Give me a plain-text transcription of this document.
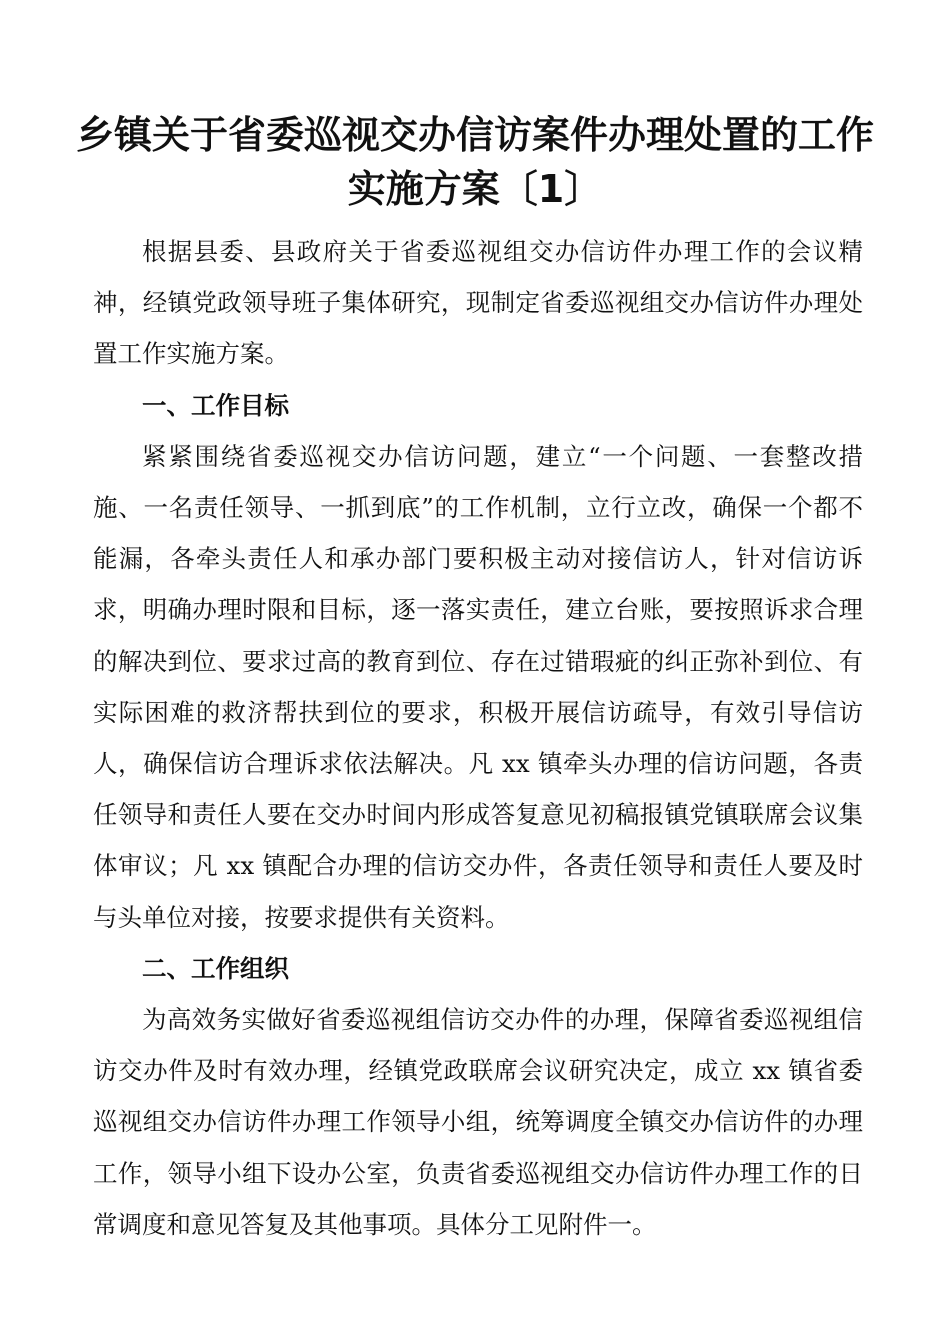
乡镇关于省委巡视交办信访案件办理处置的工作
实施方案〔1〕

根据县委、县政府关于省委巡视组交办信访件办理工作的会议精神，经镇党政领导班子集体研究，现制定省委巡视组交办信访件办理处置工作实施方案。

一、工作目标

紧紧围绕省委巡视交办信访问题，建立“一个问题、一套整改措施、一名责任领导、一抓到底”的工作机制，立行立改，确保一个都不能漏，各牵头责任人和承办部门要积极主动对接信访人，针对信访诉求，明确办理时限和目标，逐一落实责任，建立台账，要按照诉求合理的解决到位、要求过高的教育到位、存在过错瑕疵的纠正弥补到位、有实际困难的救济帮扶到位的要求，积极开展信访疏导，有效引导信访人，确保信访合理诉求依法解决。凡 xx 镇牵头办理的信访问题，各责任领导和责任人要在交办时间内形成答复意见初稿报镇党镇联席会议集体审议；凡 xx 镇配合办理的信访交办件，各责任领导和责任人要及时与头单位对接，按要求提供有关资料。

二、工作组织

为高效务实做好省委巡视组信访交办件的办理，保障省委巡视组信访交办件及时有效办理，经镇党政联席会议研究决定，成立 xx 镇省委巡视组交办信访件办理工作领导小组，统筹调度全镇交办信访件的办理工作，领导小组下设办公室，负责省委巡视组交办信访件办理工作的日常调度和意见答复及其他事项。具体分工见附件一。
